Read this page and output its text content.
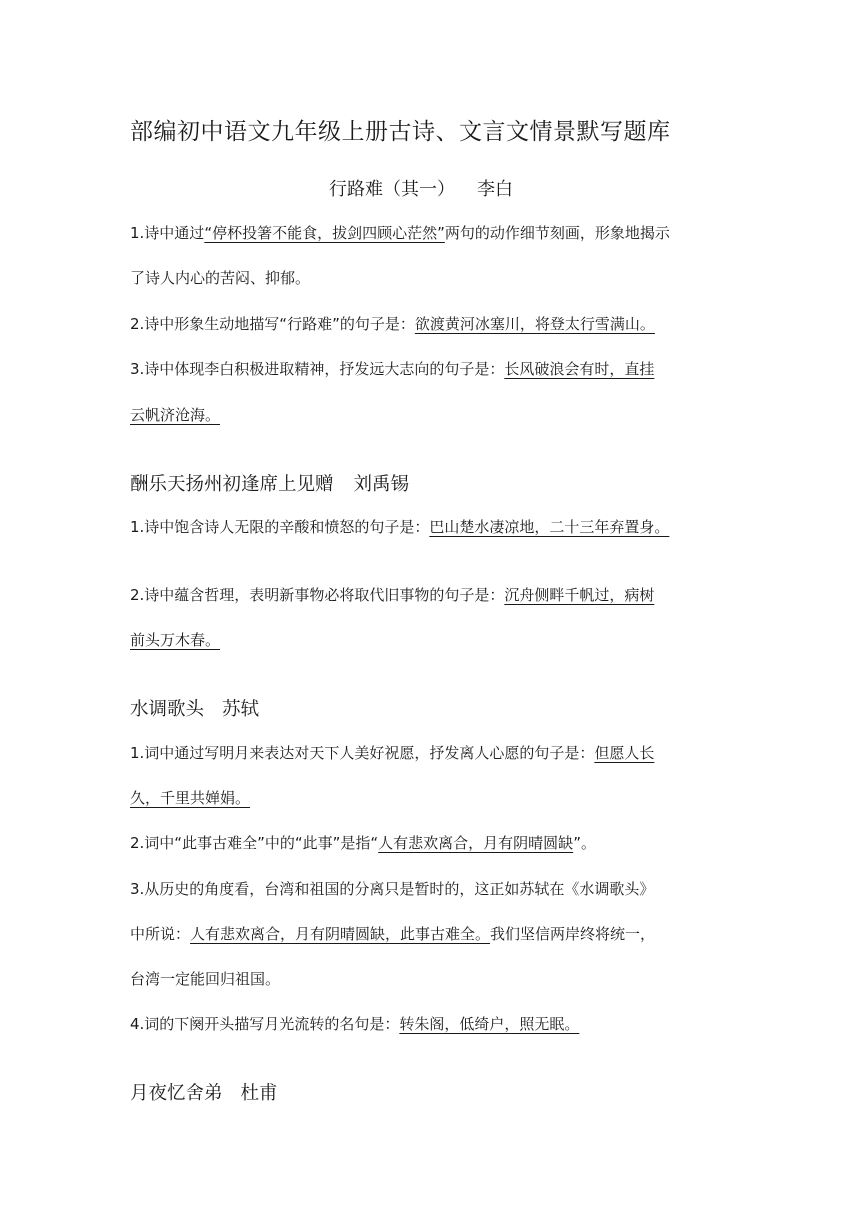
部编初中语文九年级上册古诗、文言文情景默写题库
行路难（其一） 李白
1.诗中通过“停杯投箸不能食，拔剑四顾心茫然”两句的动作细节刻画，形象地揭示
了诗人内心的苦闷、抑郁。
2.诗中形象生动地描写“行路难”的句子是：欲渡黄河冰塞川，将登太行雪满山。
3.诗中体现李白积极进取精神，抒发远大志向的句子是：长风破浪会有时，直挂
云帆济沧海。
酬乐天扬州初逢席上见赠 刘禹锡
1.诗中饱含诗人无限的辛酸和愤怒的句子是：巴山楚水凄凉地，二十三年弃置身。
2.诗中蕴含哲理，表明新事物必将取代旧事物的句子是：沉舟侧畔千帆过，病树
前头万木春。
水调歌头 苏轼
1.词中通过写明月来表达对天下人美好祝愿，抒发离人心愿的句子是：但愿人长
久，千里共婵娟。
2.词中“此事古难全”中的“此事”是指“人有悲欢离合，月有阴晴圆缺”。
3.从历史的角度看，台湾和祖国的分离只是暂时的，这正如苏轼在《水调歌头》
中所说：人有悲欢离合，月有阴晴圆缺，此事古难全。我们坚信两岸终将统一，
台湾一定能回归祖国。
4.词的下阕开头描写月光流转的名句是：转朱阁，低绮户，照无眠。
月夜忆舍弟 杜甫
